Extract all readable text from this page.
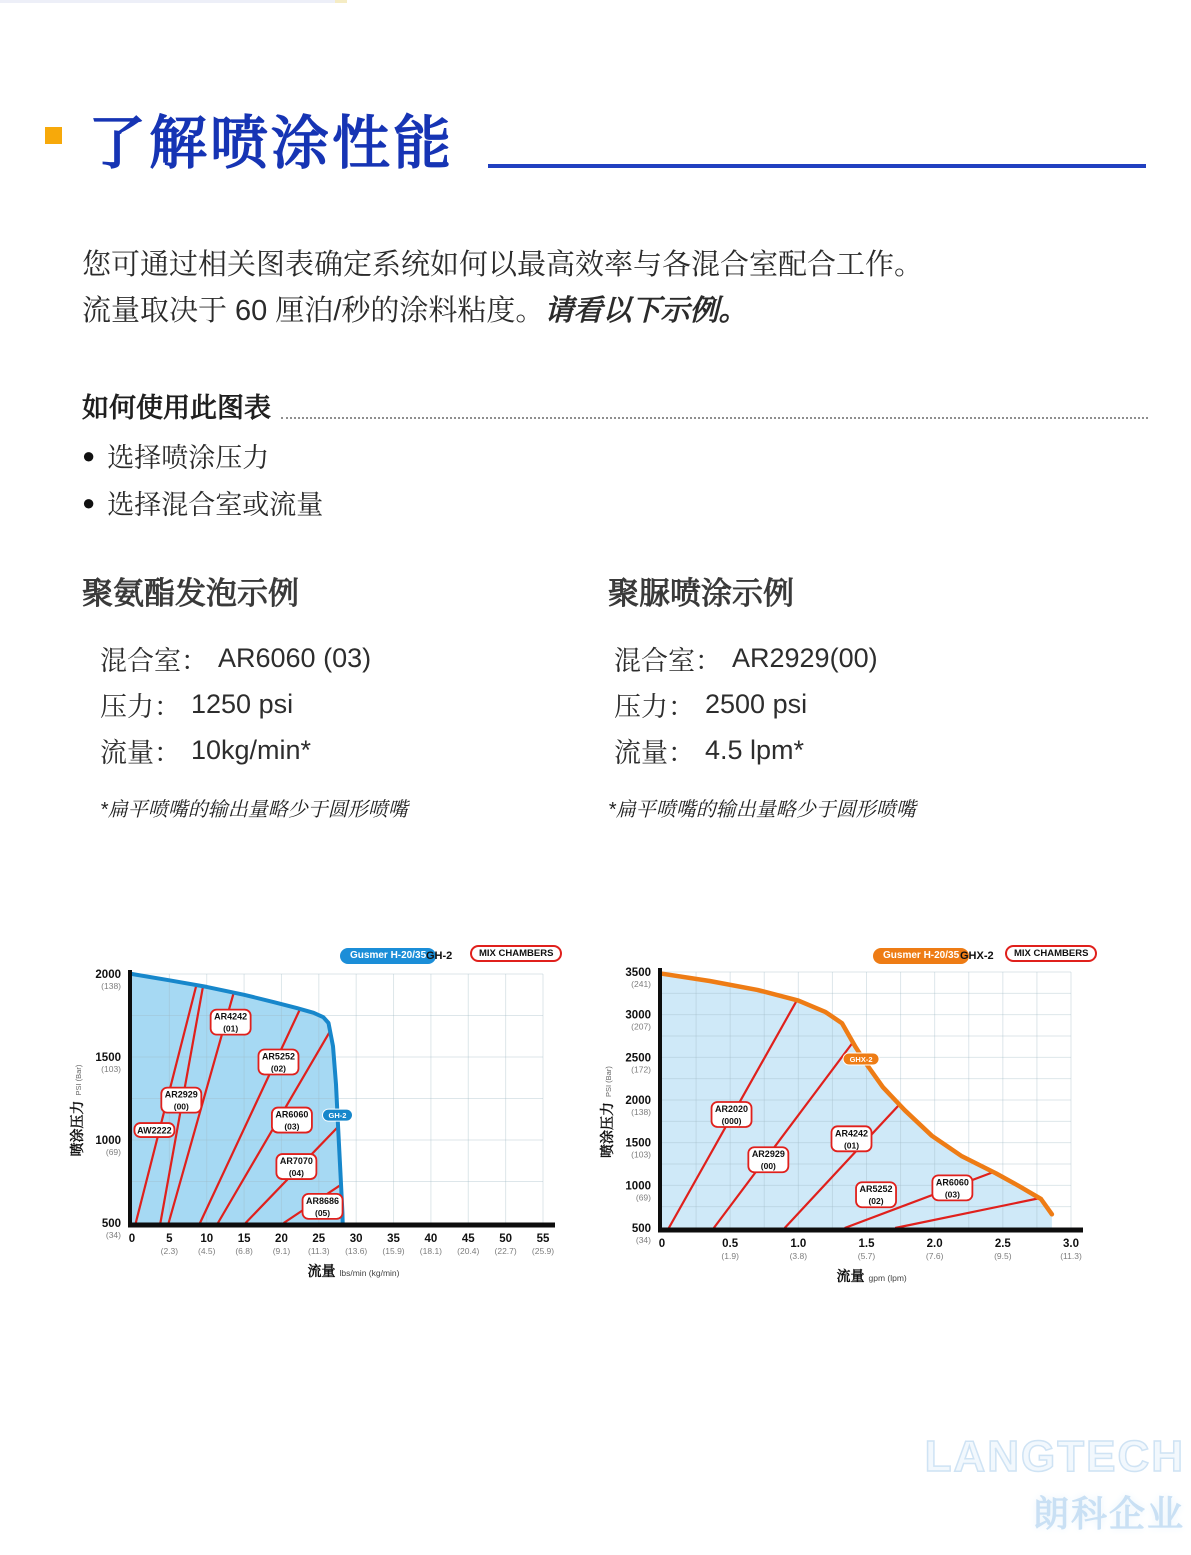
了解喷涂性能
您可通过相关图表确定系统如何以最高效率与各混合室配合工作。
流量取决于 60 厘泊/秒的涂料粘度。请看以下示例。
如何使用此图表
● 选择喷涂压力
● 选择混合室或流量
聚氨酯发泡示例
混合室： AR6060 (03)
压力： 1250 psi
流量： 10kg/min*
*扁平喷嘴的输出量略少于圆形喷嘴
聚脲喷涂示例
混合室： AR2929(00)
压力： 2500 psi
流量： 4.5 lpm*
*扁平喷嘴的输出量略少于圆形喷嘴
AW2222
AR2929
(00)
AR4242
(01)
AR5252
(02)
AR6060
(03)
AR7070
(04)
AR8686
(05)
GH-2
0	5
(2.3)
10
(4.5)
15
(6.8)
20
(9.1)
25
(11.3)
30
(13.6)
35
(15.9)
40
(18.1)
45
(20.4)
50
(22.7)
55
(25.9)
2000
(138)
1500
(103)
1000
(69)
500
(34)
流量 lbs/min (kg/min)
喷涂压力
PSI (Bar)
Gusmer H-20/35 GH-2	MIX CHAMBERS
AR2020
(000)
AR2929
(00)
AR4242
(01)
AR5252
(02)
AR6060
(03)
GHX-2
0	0.5
(1.9)
1.0
(3.8)
1.5
(5.7)
2.0
(7.6)
2.5
(9.5)
3.0
(11.3)
3500
(241)
3000
(207)
2500
(172)
2000
(138)
1500
(103)
1000
(69)
500
(34)
流量 gpm (lpm)
喷涂压力
PSI (Bar)
Gusmer H-20/35 GHX-2	MIX CHAMBERS
LANGTECH
朗科企业
